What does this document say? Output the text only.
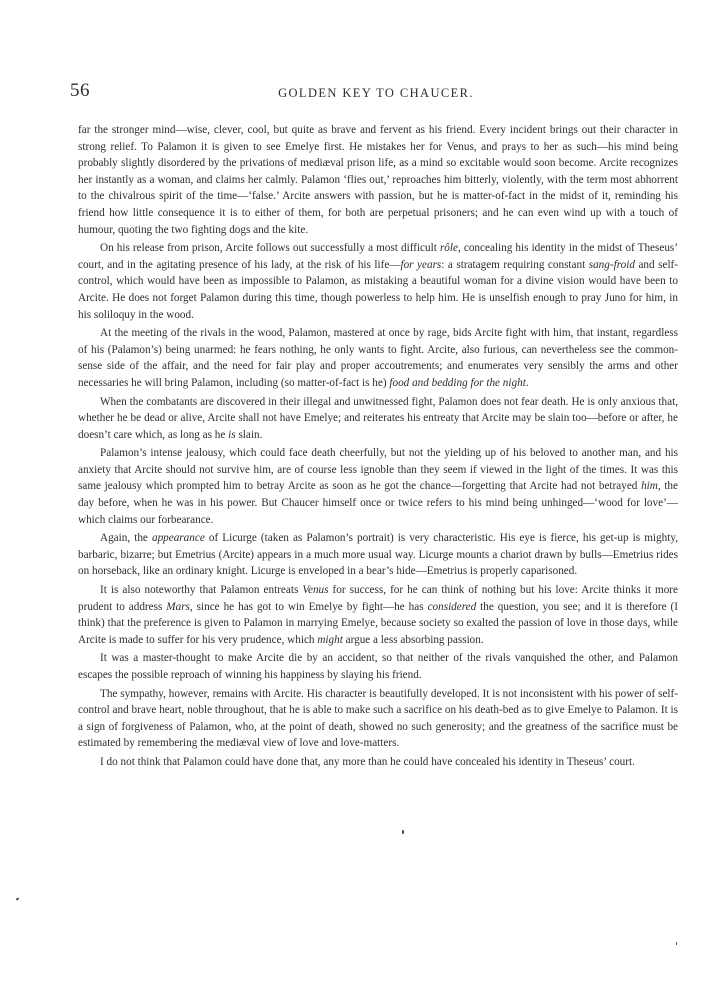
56	GOLDEN KEY TO CHAUCER.

far the stronger mind—wise, clever, cool, but quite as brave and fervent as his friend. Every incident brings out their character in strong relief. To Palamon it is given to see Emelye first. He mistakes her for Venus, and prays to her as such—his mind being probably slightly disordered by the privations of mediæval prison life, as a mind so excitable would soon become. Arcite recognizes her instantly as a woman, and claims her calmly. Palamon ‘flies out,’ reproaches him bitterly, violently, with the term most abhorrent to the chivalrous spirit of the time—‘false.’ Arcite answers with passion, but he is matter-of-fact in the midst of it, reminding his friend how little consequence it is to either of them, for both are perpetual prisoners; and he can even wind up with a touch of humour, quoting the two fighting dogs and the kite.

On his release from prison, Arcite follows out successfully a most difficult rôle, concealing his identity in the midst of Theseus’ court, and in the agitating presence of his lady, at the risk of his life—for years: a stratagem requiring constant sang-froid and self-control, which would have been as impossible to Palamon, as mistaking a beautiful woman for a divine vision would have been to Arcite. He does not forget Palamon during this time, though powerless to help him. He is unselfish enough to pray Juno for him, in his soliloquy in the wood.

At the meeting of the rivals in the wood, Palamon, mastered at once by rage, bids Arcite fight with him, that instant, regardless of his (Palamon’s) being unarmed: he fears nothing, he only wants to fight. Arcite, also furious, can nevertheless see the common-sense side of the affair, and the need for fair play and proper accoutrements; and enumerates very sensibly the arms and other necessaries he will bring Palamon, including (so matter-of-fact is he) food and bedding for the night.

When the combatants are discovered in their illegal and unwitnessed fight, Palamon does not fear death. He is only anxious that, whether he be dead or alive, Arcite shall not have Emelye; and reiterates his entreaty that Arcite may be slain too—before or after, he doesn’t care which, as long as he is slain.

Palamon’s intense jealousy, which could face death cheerfully, but not the yielding up of his beloved to another man, and his anxiety that Arcite should not survive him, are of course less ignoble than they seem if viewed in the light of the times. It was this same jealousy which prompted him to betray Arcite as soon as he got the chance—forgetting that Arcite had not betrayed him, the day before, when he was in his power. But Chaucer himself once or twice refers to his mind being unhinged—‘wood for love’—which claims our forbearance.

Again, the appearance of Licurge (taken as Palamon’s portrait) is very characteristic. His eye is fierce, his get-up is mighty, barbaric, bizarre; but Emetrius (Arcite) appears in a much more usual way. Licurge mounts a chariot drawn by bulls—Emetrius rides on horseback, like an ordinary knight. Licurge is enveloped in a bear’s hide—Emetrius is properly caparisoned.

It is also noteworthy that Palamon entreats Venus for success, for he can think of nothing but his love: Arcite thinks it more prudent to address Mars, since he has got to win Emelye by fight—he has considered the question, you see; and it is therefore (I think) that the preference is given to Palamon in marrying Emelye, because society so exalted the passion of love in those days, while Arcite is made to suffer for his very prudence, which might argue a less absorbing passion.

It was a master-thought to make Arcite die by an accident, so that neither of the rivals vanquished the other, and Palamon escapes the possible reproach of winning his happiness by slaying his friend.

The sympathy, however, remains with Arcite. His character is beautifully developed. It is not inconsistent with his power of self-control and brave heart, noble throughout, that he is able to make such a sacrifice on his death-bed as to give Emelye to Palamon. It is a sign of forgiveness of Palamon, who, at the point of death, showed no such generosity; and the greatness of the sacrifice must be estimated by remembering the mediæval view of love and love-matters.

I do not think that Palamon could have done that, any more than he could have concealed his identity in Theseus’ court.
